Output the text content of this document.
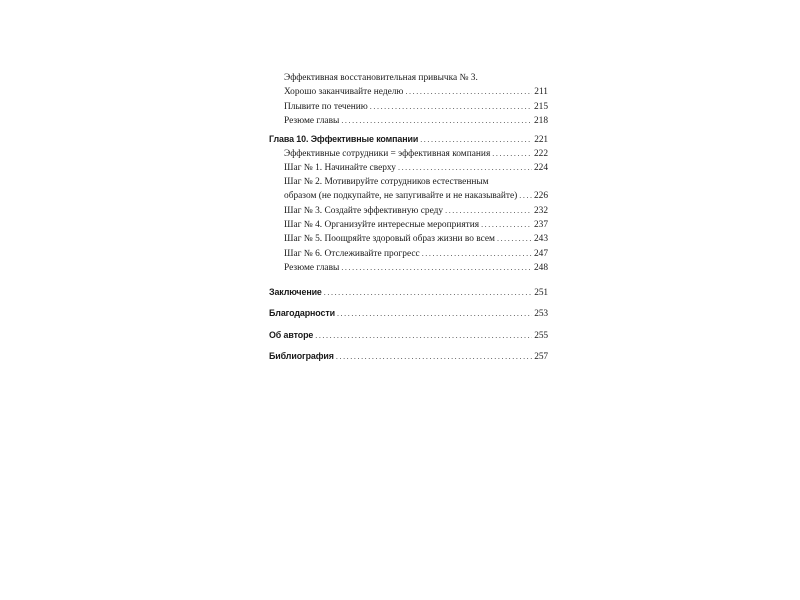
Эффективная восстановительная привычка № 3.
Хорошо заканчивайте неделю .....	211
Плывите по течению .....	215
Резюме главы .....	218
Глава 10. Эффективные компании .....	221
Эффективные сотрудники = эффективная компания .....	222
Шаг № 1. Начинайте сверху .....	224
Шаг № 2. Мотивируйте сотрудников естественным
образом (не подкупайте, не запугивайте и не наказывайте) ..... 226
Шаг № 3. Создайте эффективную среду .....	232
Шаг № 4. Организуйте интересные мероприятия .....	237
Шаг № 5. Поощряйте здоровый образ жизни во всем .....	243
Шаг № 6. Отслеживайте прогресс .....	247
Резюме главы .....	248
Заключение .....	251
Благодарности .....	253
Об авторе .....	255
Библиография .....	257
